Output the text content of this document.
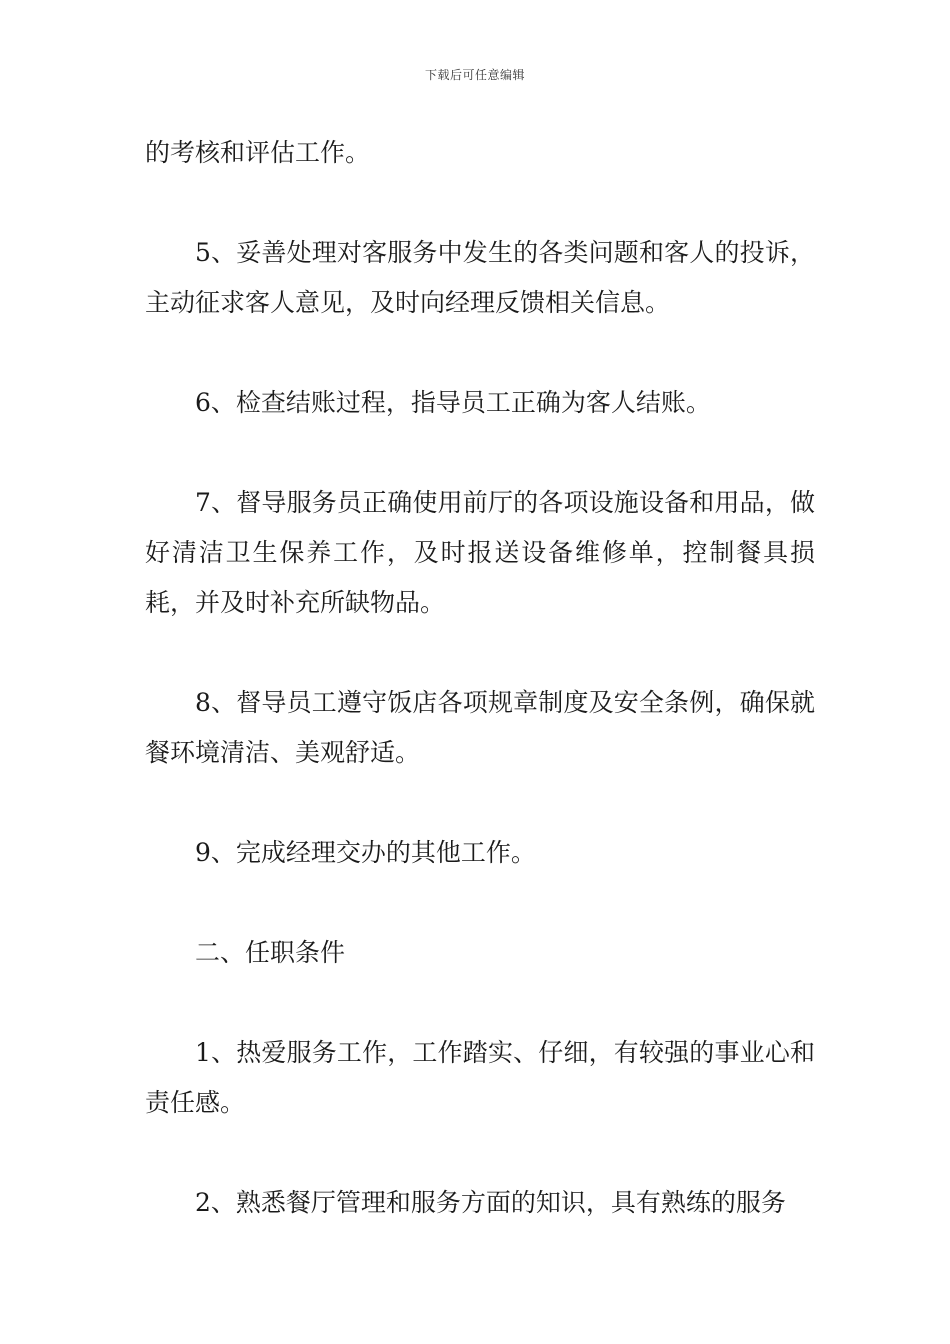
下载后可任意编辑

的考核和评估工作。

5、妥善处理对客服务中发生的各类问题和客人的投诉，主动征求客人意见，及时向经理反馈相关信息。

6、检查结账过程，指导员工正确为客人结账。

7、督导服务员正确使用前厅的各项设施设备和用品，做好清洁卫生保养工作，及时报送设备维修单，控制餐具损耗，并及时补充所缺物品。

8、督导员工遵守饭店各项规章制度及安全条例，确保就餐环境清洁、美观舒适。

9、完成经理交办的其他工作。

二、任职条件

1、热爱服务工作，工作踏实、仔细，有较强的事业心和责任感。

2、熟悉餐厅管理和服务方面的知识，具有熟练的服务
